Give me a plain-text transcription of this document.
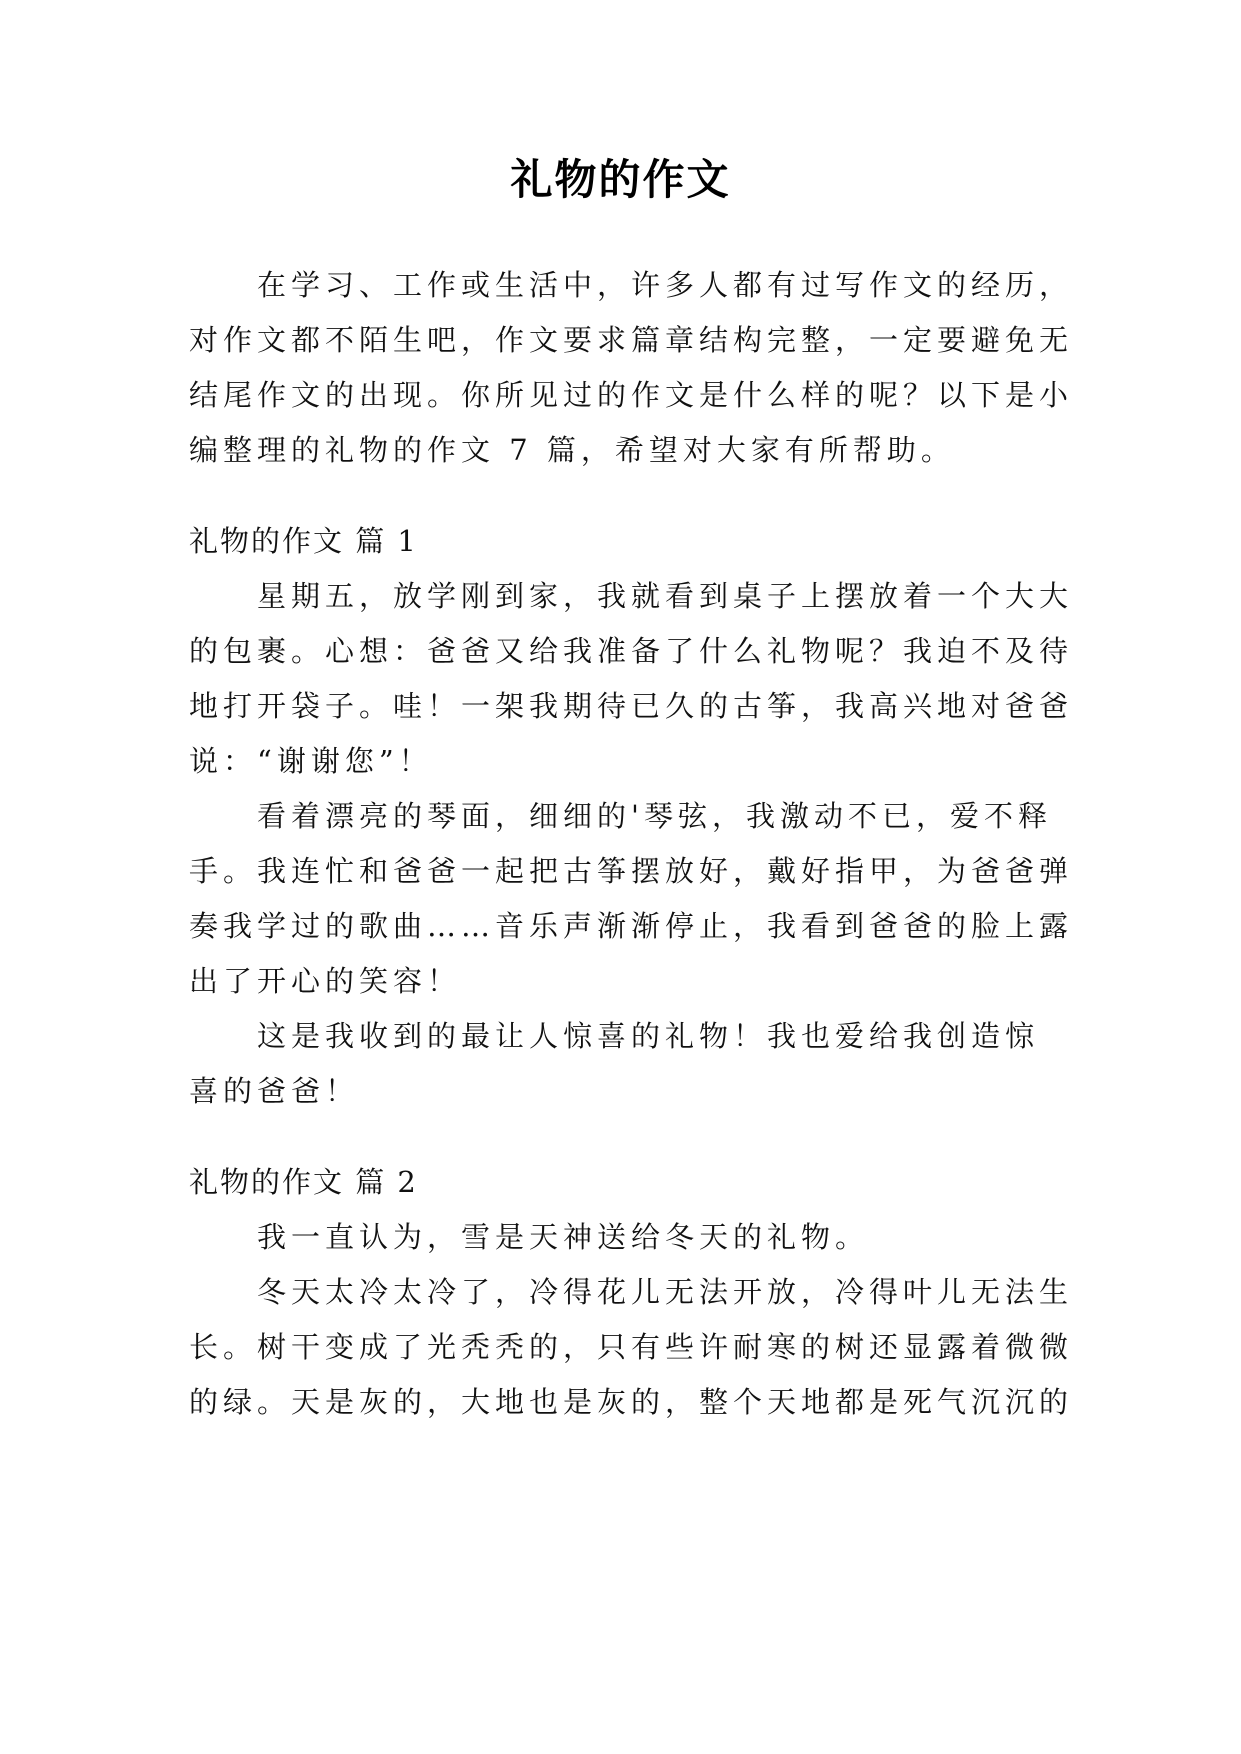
礼物的作文
　　在学习、工作或生活中，许多人都有过写作文的经历，
对作文都不陌生吧，作文要求篇章结构完整，一定要避免无
结尾作文的出现。你所见过的作文是什么样的呢？以下是小
编整理的礼物的作文 7 篇，希望对大家有所帮助。
礼物的作文 篇 1
　　星期五，放学刚到家，我就看到桌子上摆放着一个大大
的包裹。心想：爸爸又给我准备了什么礼物呢？我迫不及待
地打开袋子。哇！一架我期待已久的古筝，我高兴地对爸爸
说：“谢谢您”！
　　看着漂亮的琴面，细细的'琴弦，我激动不已，爱不释
手。我连忙和爸爸一起把古筝摆放好，戴好指甲，为爸爸弹
奏我学过的歌曲……音乐声渐渐停止，我看到爸爸的脸上露
出了开心的笑容！
　　这是我收到的最让人惊喜的礼物！我也爱给我创造惊
喜的爸爸！
礼物的作文 篇 2
　　我一直认为，雪是天神送给冬天的礼物。
　　冬天太冷太冷了，冷得花儿无法开放，冷得叶儿无法生
长。树干变成了光秃秃的，只有些许耐寒的树还显露着微微
的绿。天是灰的，大地也是灰的，整个天地都是死气沉沉的
